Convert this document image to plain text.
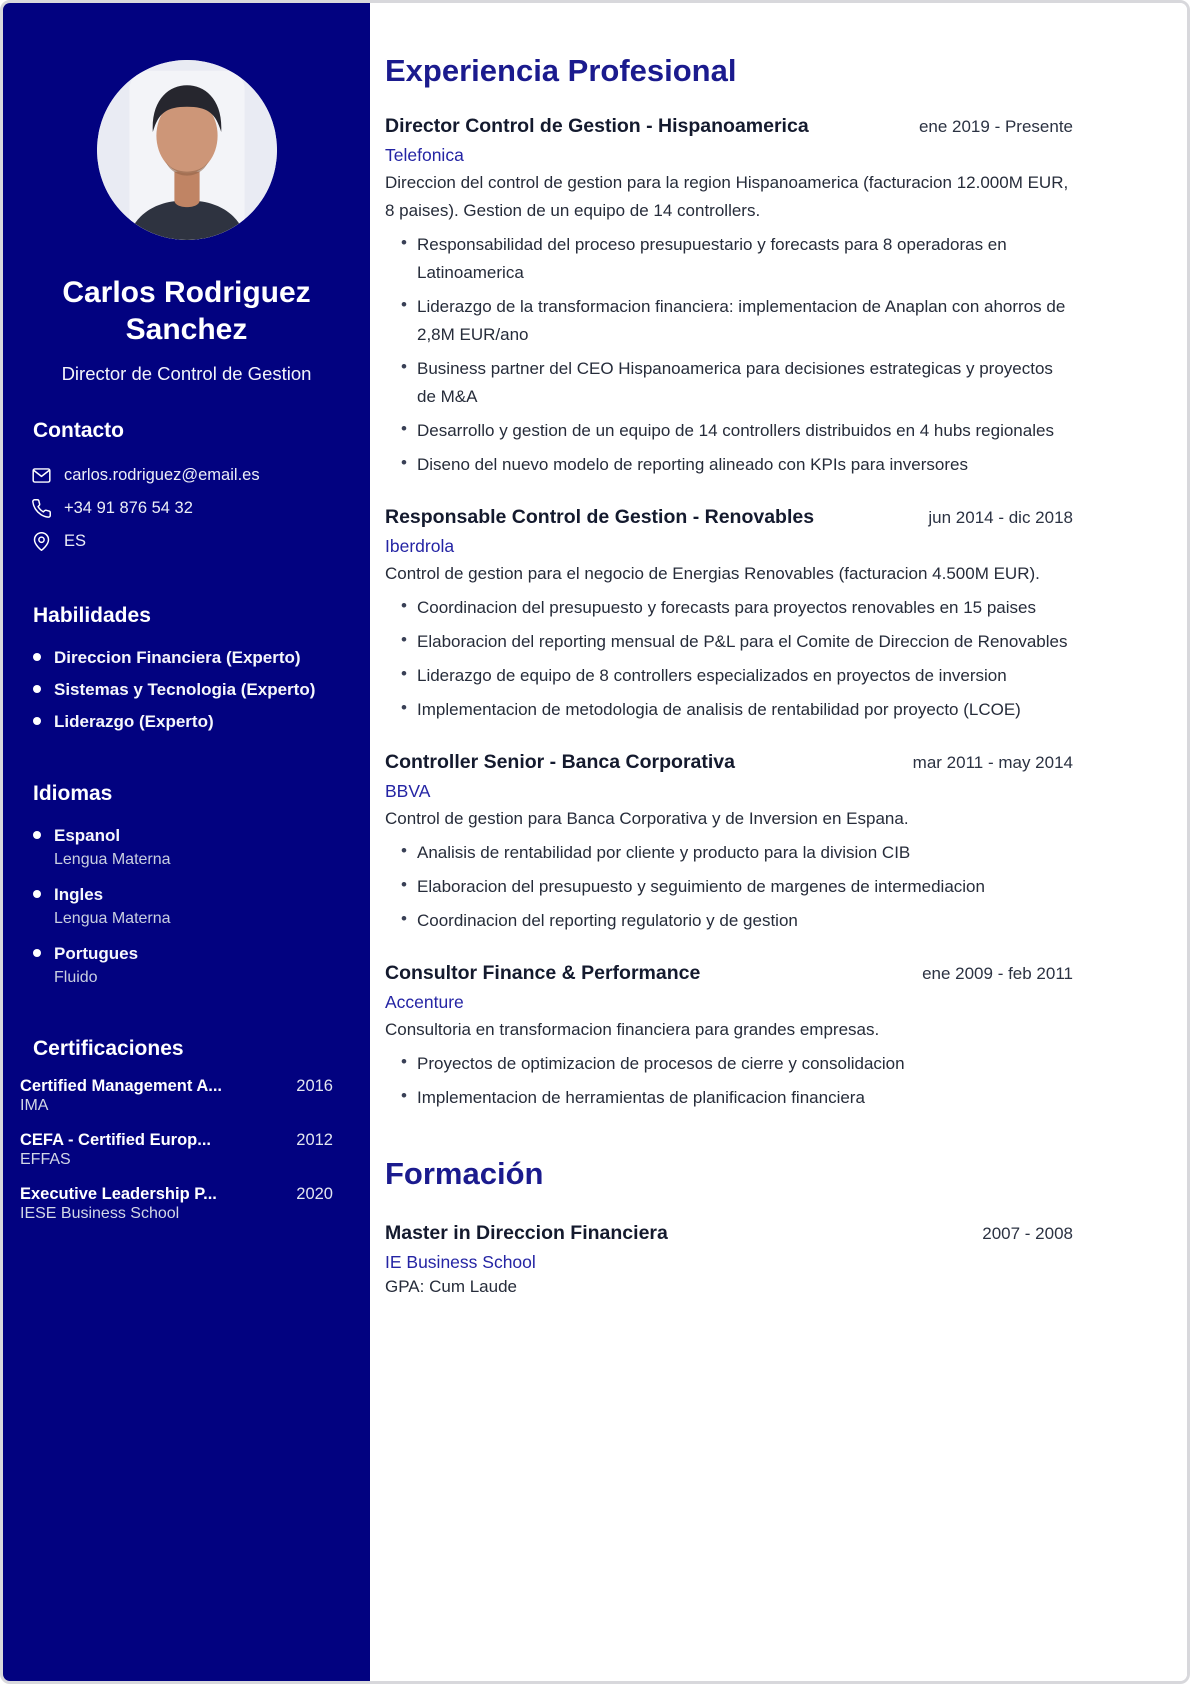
Carlos Rodriguez Sanchez
Director de Control de Gestion
Contacto
carlos.rodriguez@email.es
+34 91 876 54 32
ES
Habilidades
Direccion Financiera (Experto)
Sistemas y Tecnologia (Experto)
Liderazgo (Experto)
Idiomas
Espanol
Lengua Materna
Ingles
Lengua Materna
Portugues
Fluido
Certificaciones
Certified Management A...	2016
IMA
CEFA - Certified Europ...	2012
EFFAS
Executive Leadership P...	2020
IESE Business School
Experiencia Profesional
Director Control de Gestion - Hispanoamerica	ene 2019 - Presente
Telefonica
Direccion del control de gestion para la region Hispanoamerica (facturacion 12.000M EUR, 8 paises). Gestion de un equipo de 14 controllers.
• Responsabilidad del proceso presupuestario y forecasts para 8 operadoras en Latinoamerica
• Liderazgo de la transformacion financiera: implementacion de Anaplan con ahorros de 2,8M EUR/ano
• Business partner del CEO Hispanoamerica para decisiones estrategicas y proyectos de M&A
• Desarrollo y gestion de un equipo de 14 controllers distribuidos en 4 hubs regionales
• Diseno del nuevo modelo de reporting alineado con KPIs para inversores
Responsable Control de Gestion - Renovables	jun 2014 - dic 2018
Iberdrola
Control de gestion para el negocio de Energias Renovables (facturacion 4.500M EUR).
• Coordinacion del presupuesto y forecasts para proyectos renovables en 15 paises
• Elaboracion del reporting mensual de P&L para el Comite de Direccion de Renovables
• Liderazgo de equipo de 8 controllers especializados en proyectos de inversion
• Implementacion de metodologia de analisis de rentabilidad por proyecto (LCOE)
Controller Senior - Banca Corporativa	mar 2011 - may 2014
BBVA
Control de gestion para Banca Corporativa y de Inversion en Espana.
• Analisis de rentabilidad por cliente y producto para la division CIB
• Elaboracion del presupuesto y seguimiento de margenes de intermediacion
• Coordinacion del reporting regulatorio y de gestion
Consultor Finance & Performance	ene 2009 - feb 2011
Accenture
Consultoria en transformacion financiera para grandes empresas.
• Proyectos de optimizacion de procesos de cierre y consolidacion
• Implementacion de herramientas de planificacion financiera
Formación
Master in Direccion Financiera	2007 - 2008
IE Business School
GPA: Cum Laude
